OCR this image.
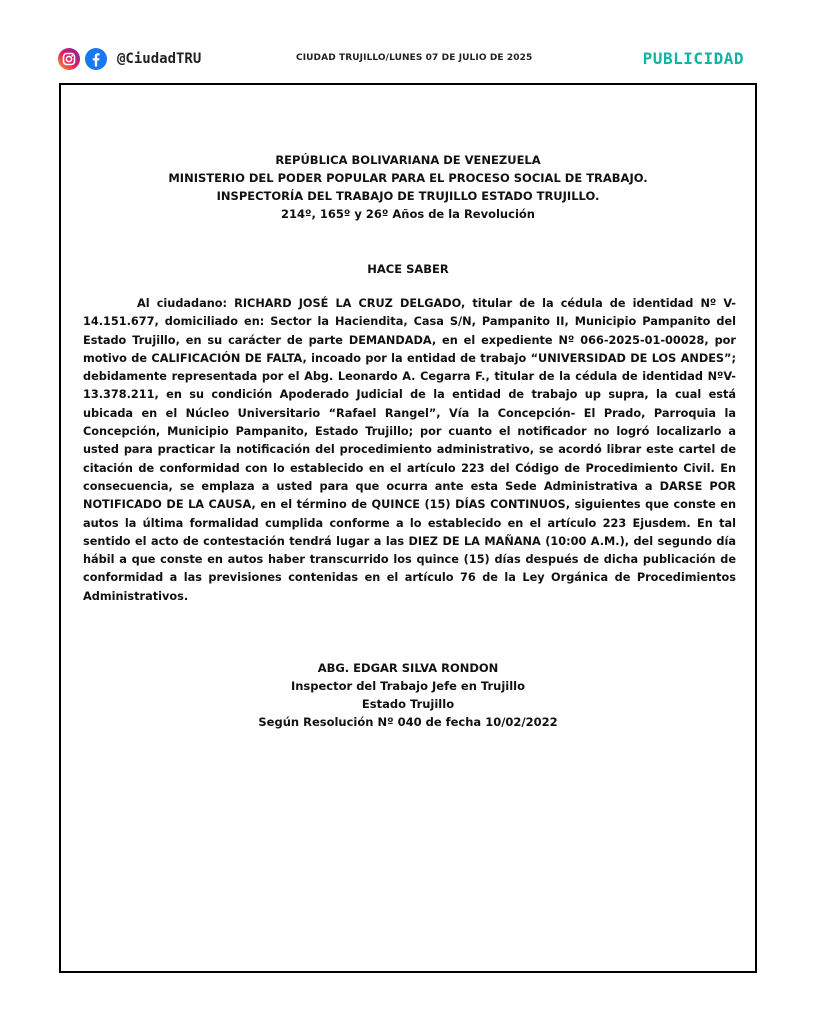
@CiudadTRU	CIUDAD TRUJILLO/LUNES 07 DE JULIO DE 2025	PUBLICIDAD
REPÚBLICA BOLIVARIANA DE VENEZUELA
MINISTERIO DEL PODER POPULAR PARA EL PROCESO SOCIAL DE TRABAJO.
INSPECTORÍA DEL TRABAJO DE TRUJILLO ESTADO TRUJILLO.
214º, 165º y 26º Años de la Revolución
HACE SABER

Al ciudadano: RICHARD JOSÉ LA CRUZ DELGADO, titular de la cédula de identidad Nº V-14.151.677, domiciliado en: Sector la Haciendita, Casa S/N, Pampanito II, Municipio Pampanito del Estado Trujillo, en su carácter de parte DEMANDADA, en el expediente Nº 066-2025-01-00028, por motivo de CALIFICACIÓN DE FALTA, incoado por la entidad de trabajo “UNIVERSIDAD DE LOS ANDES”; debidamente representada por el Abg. Leonardo A. Cegarra F., titular de la cédula de identidad NºV-13.378.211, en su condición Apoderado Judicial de la entidad de trabajo up supra, la cual está ubicada en el Núcleo Universitario “Rafael Rangel”, Vía la Concepción- El Prado, Parroquia la Concepción, Municipio Pampanito, Estado Trujillo; por cuanto el notificador no logró localizarlo a usted para practicar la notificación del procedimiento administrativo, se acordó librar este cartel de citación de conformidad con lo establecido en el artículo 223 del Código de Procedimiento Civil. En consecuencia, se emplaza a usted para que ocurra ante esta Sede Administrativa a DARSE POR NOTIFICADO DE LA CAUSA, en el término de QUINCE (15) DÍAS CONTINUOS, siguientes que conste en autos la última formalidad cumplida conforme a lo establecido en el artículo 223 Ejusdem. En tal sentido el acto de contestación tendrá lugar a las DIEZ DE LA MAÑANA (10:00 A.M.), del segundo día hábil a que conste en autos haber transcurrido los quince (15) días después de dicha publicación de conformidad a las previsiones contenidas en el artículo 76 de la Ley Orgánica de Procedimientos Administrativos.

ABG. EDGAR SILVA RONDON
Inspector del Trabajo Jefe en Trujillo
Estado Trujillo
Según Resolución Nº 040 de fecha 10/02/2022
